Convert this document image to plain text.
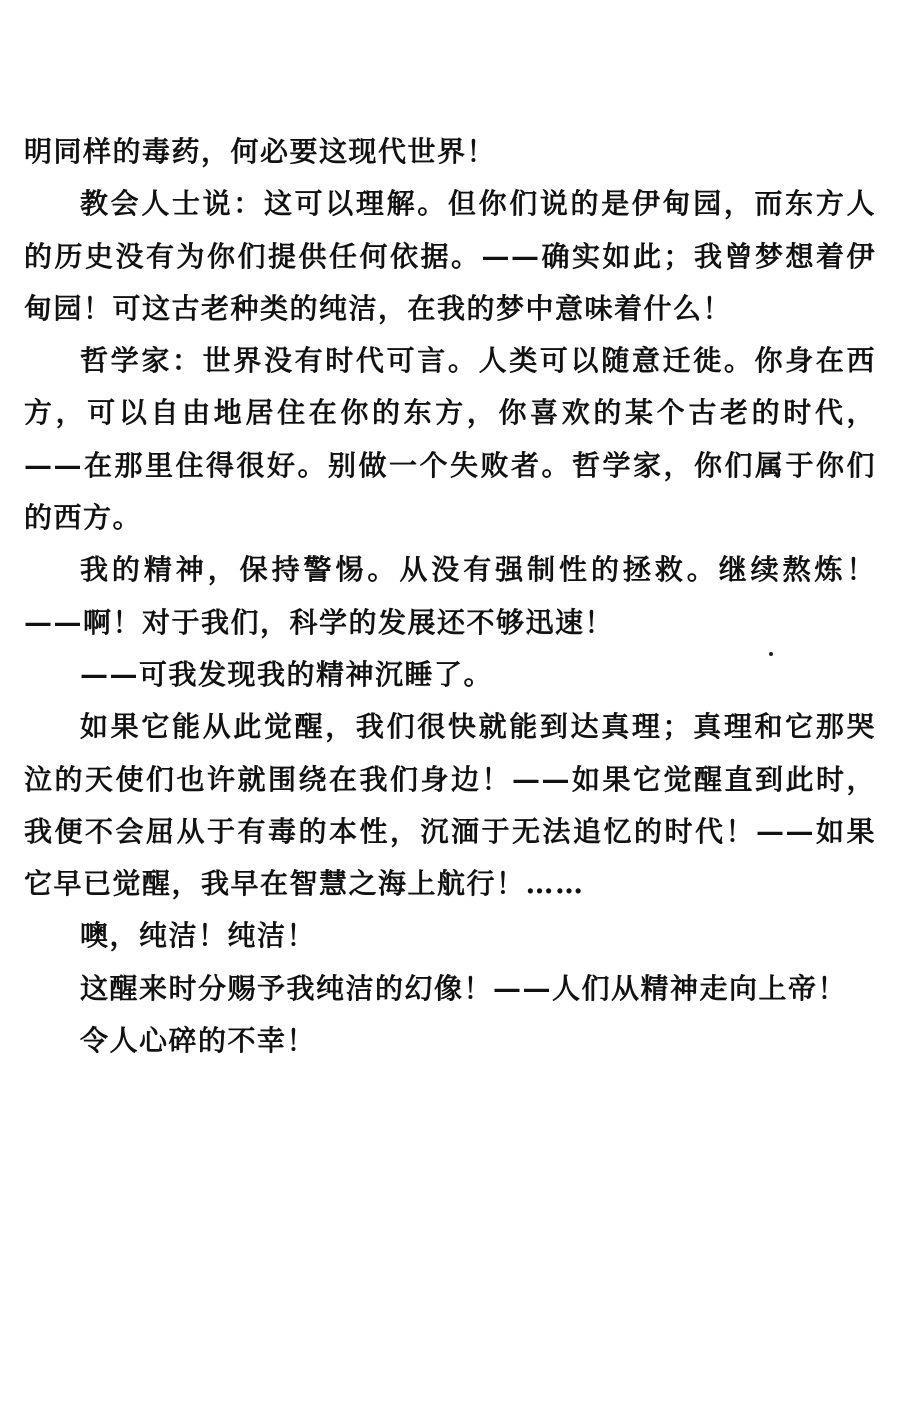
明同样的毒药，何必要这现代世界！

教会人士说：这可以理解。但你们说的是伊甸园，而东方人的历史没有为你们提供任何依据。——确实如此；我曾梦想着伊甸园！可这古老种类的纯洁，在我的梦中意味着什么！

哲学家：世界没有时代可言。人类可以随意迁徙。你身在西方，可以自由地居住在你的东方，你喜欢的某个古老的时代，——在那里住得很好。别做一个失败者。哲学家，你们属于你们的西方。

我的精神，保持警惕。从没有强制性的拯救。继续熬炼！——啊！对于我们，科学的发展还不够迅速！

——可我发现我的精神沉睡了。

如果它能从此觉醒，我们很快就能到达真理；真理和它那哭泣的天使们也许就围绕在我们身边！——如果它觉醒直到此时，我便不会屈从于有毒的本性，沉湎于无法追忆的时代！——如果它早已觉醒，我早在智慧之海上航行！……

噢，纯洁！纯洁！

这醒来时分赐予我纯洁的幻像！——人们从精神走向上帝！

令人心碎的不幸！
